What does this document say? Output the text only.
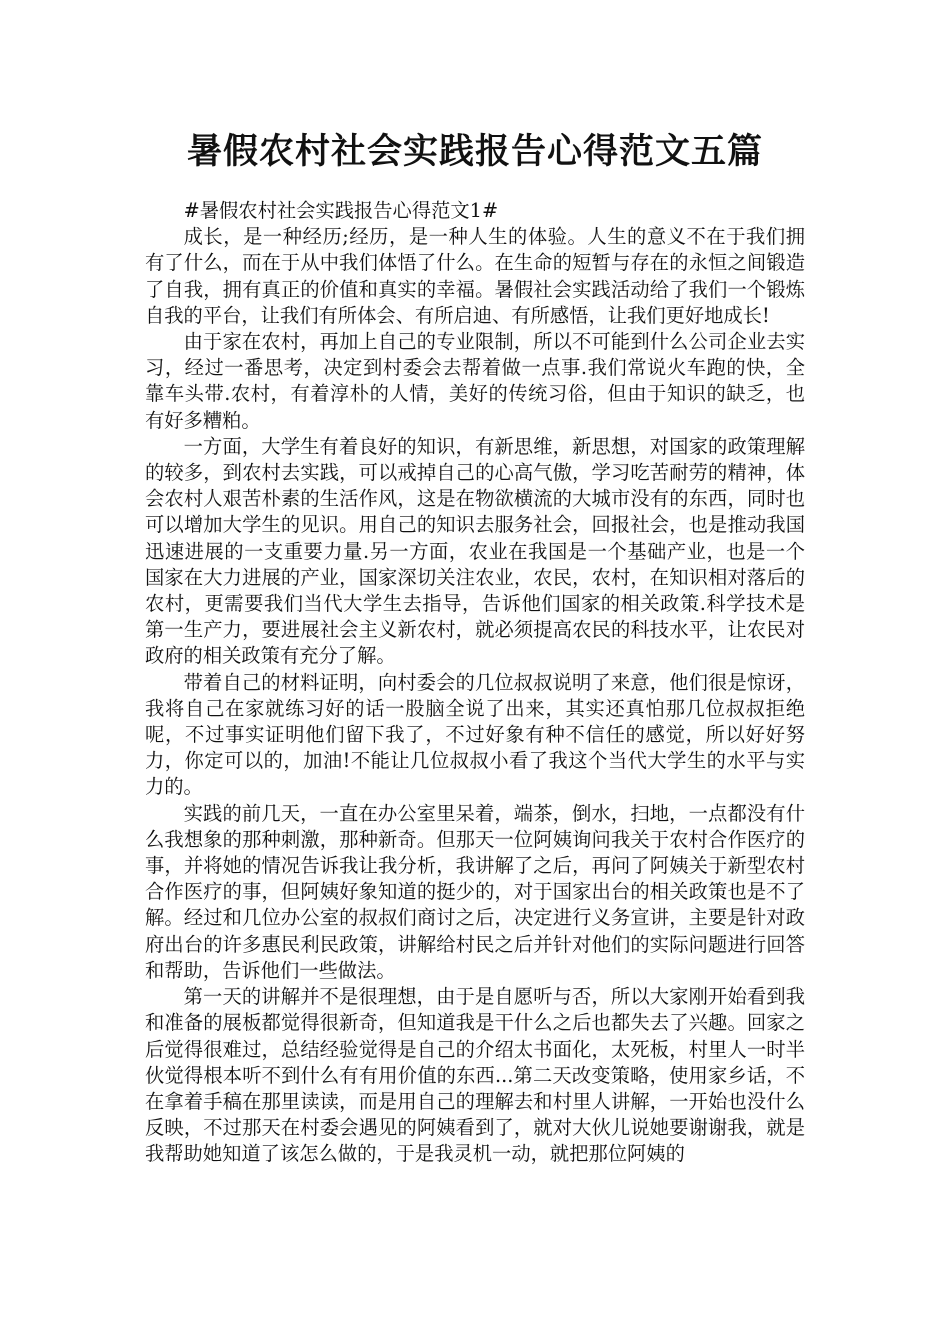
暑假农村社会实践报告心得范文五篇

#暑假农村社会实践报告心得范文1#

成长，是一种经历;经历，是一种人生的体验。人生的意义不在于我们拥有了什么，而在于从中我们体悟了什么。在生命的短暂与存在的永恒之间锻造了自我，拥有真正的价值和真实的幸福。暑假社会实践活动给了我们一个锻炼自我的平台，让我们有所体会、有所启迪、有所感悟，让我们更好地成长!

由于家在农村，再加上自己的专业限制，所以不可能到什么公司企业去实习，经过一番思考，决定到村委会去帮着做一点事.我们常说火车跑的快，全靠车头带.农村，有着淳朴的人情，美好的传统习俗，但由于知识的缺乏，也有好多糟粕。

一方面，大学生有着良好的知识，有新思维，新思想，对国家的政策理解的较多，到农村去实践，可以戒掉自己的心高气傲，学习吃苦耐劳的精神，体会农村人艰苦朴素的生活作风，这是在物欲横流的大城市没有的东西，同时也可以增加大学生的见识。用自己的知识去服务社会，回报社会，也是推动我国迅速进展的一支重要力量.另一方面，农业在我国是一个基础产业，也是一个国家在大力进展的产业，国家深切关注农业，农民，农村，在知识相对落后的农村，更需要我们当代大学生去指导，告诉他们国家的相关政策.科学技术是第一生产力，要进展社会主义新农村，就必须提高农民的科技水平，让农民对政府的相关政策有充分了解。

带着自己的材料证明，向村委会的几位叔叔说明了来意，他们很是惊讶，我将自己在家就练习好的话一股脑全说了出来，其实还真怕那几位叔叔拒绝呢，不过事实证明他们留下我了，不过好象有种不信任的感觉，所以好好努力，你定可以的，加油!不能让几位叔叔小看了我这个当代大学生的水平与实力的。

实践的前几天，一直在办公室里呆着，端茶，倒水，扫地，一点都没有什么我想象的那种刺激，那种新奇。但那天一位阿姨询问我关于农村合作医疗的事，并将她的情况告诉我让我分析，我讲解了之后，再问了阿姨关于新型农村合作医疗的事，但阿姨好象知道的挺少的，对于国家出台的相关政策也是不了解。经过和几位办公室的叔叔们商讨之后，决定进行义务宣讲，主要是针对政府出台的许多惠民利民政策，讲解给村民之后并针对他们的实际问题进行回答和帮助，告诉他们一些做法。

第一天的讲解并不是很理想，由于是自愿听与否，所以大家刚开始看到我和准备的展板都觉得很新奇，但知道我是干什么之后也都失去了兴趣。回家之后觉得很难过，总结经验觉得是自己的介绍太书面化，太死板，村里人一时半伙觉得根本听不到什么有有用价值的东西...第二天改变策略，使用家乡话，不在拿着手稿在那里读读，而是用自己的理解去和村里人讲解，一开始也没什么反映，不过那天在村委会遇见的阿姨看到了，就对大伙儿说她要谢谢我，就是我帮助她知道了该怎么做的，于是我灵机一动，就把那位阿姨的
